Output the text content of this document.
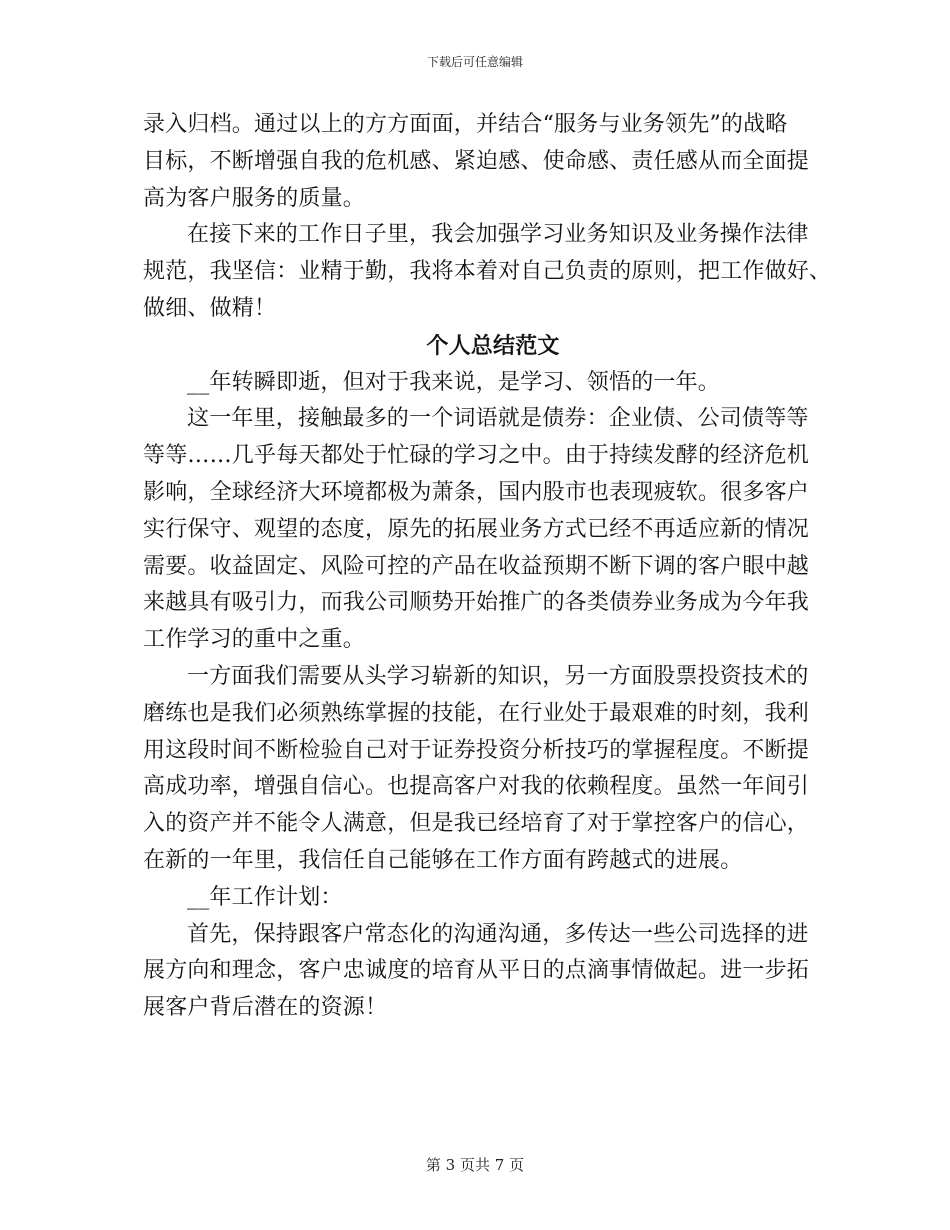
下载后可任意编辑
录入归档。通过以上的方方面面，并结合“服务与业务领先”的战略
目标，不断增强自我的危机感、紧迫感、使命感、责任感从而全面提
高为客户服务的质量。
在接下来的工作日子里，我会加强学习业务知识及业务操作法律
规范，我坚信：业精于勤，我将本着对自己负责的原则，把工作做好、
做细、做精！
个人总结范文
__年转瞬即逝，但对于我来说，是学习、领悟的一年。
这一年里，接触最多的一个词语就是债券：企业债、公司债等等
等等……几乎每天都处于忙碌的学习之中。由于持续发酵的经济危机
影响，全球经济大环境都极为萧条，国内股市也表现疲软。很多客户
实行保守、观望的态度，原先的拓展业务方式已经不再适应新的情况
需要。收益固定、风险可控的产品在收益预期不断下调的客户眼中越
来越具有吸引力，而我公司顺势开始推广的各类债券业务成为今年我
工作学习的重中之重。
一方面我们需要从头学习崭新的知识，另一方面股票投资技术的
磨练也是我们必须熟练掌握的技能，在行业处于最艰难的时刻，我利
用这段时间不断检验自己对于证券投资分析技巧的掌握程度。不断提
高成功率，增强自信心。也提高客户对我的依赖程度。虽然一年间引
入的资产并不能令人满意，但是我已经培育了对于掌控客户的信心，
在新的一年里，我信任自己能够在工作方面有跨越式的进展。
__年工作计划：
首先，保持跟客户常态化的沟通沟通，多传达一些公司选择的进
展方向和理念，客户忠诚度的培育从平日的点滴事情做起。进一步拓
展客户背后潜在的资源！
第 3 页共 7 页
